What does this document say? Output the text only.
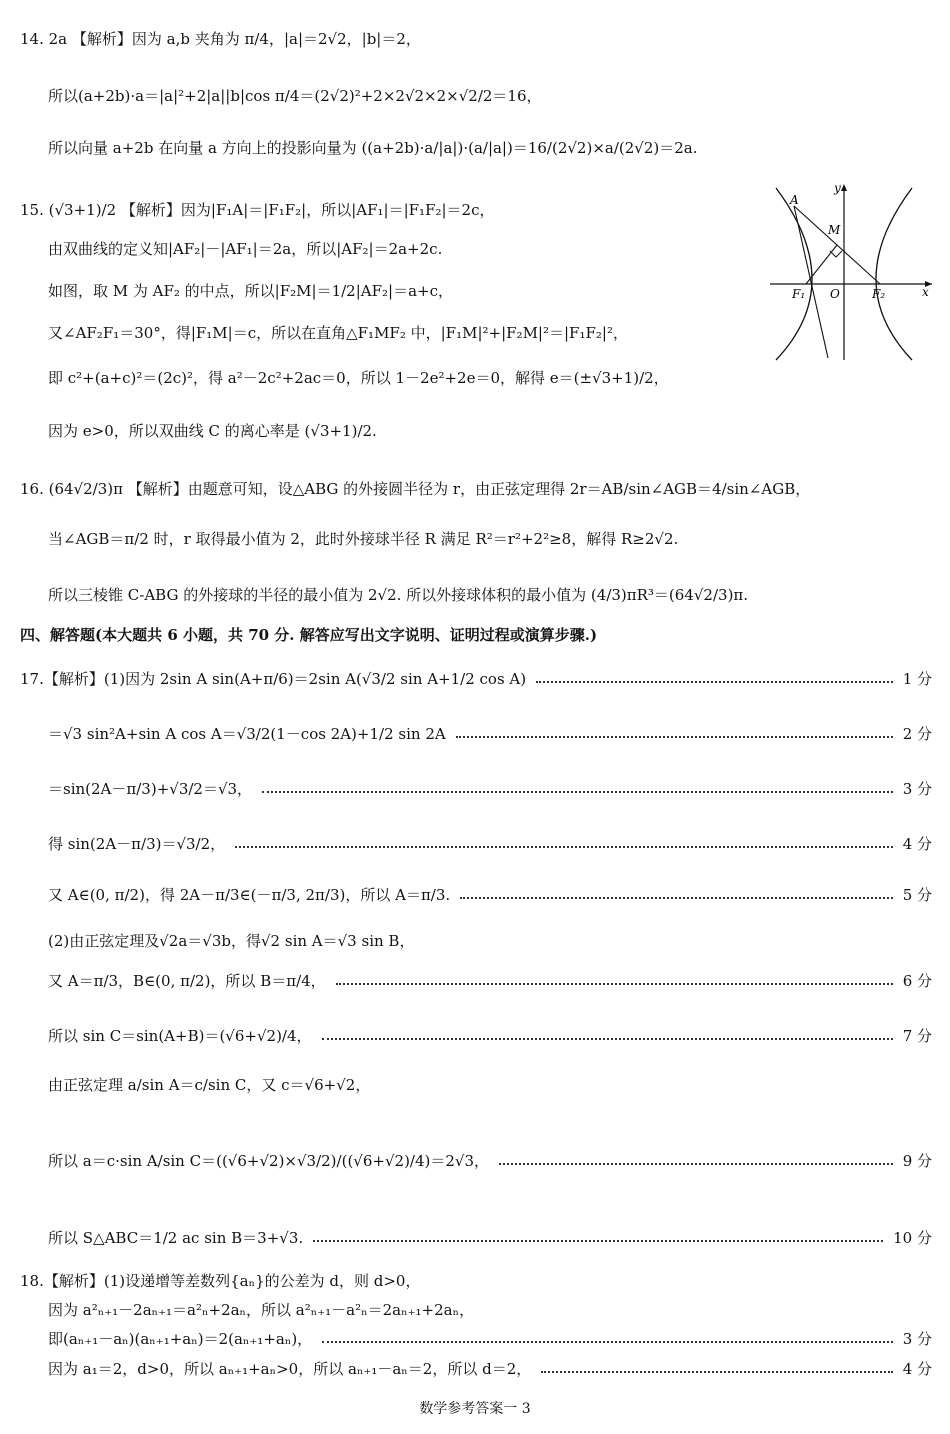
14. 2a 【解析】因为 a,b 夹角为 π/4，|a|＝2√2，|b|＝2，
所以(a+2b)·a＝|a|²+2|a||b|cos π/4＝(2√2)²+2×2√2×2×√2/2＝16，
所以向量 a+2b 在向量 a 方向上的投影向量为 ((a+2b)·a/|a|)·(a/|a|)＝16/(2√2)×a/(2√2)＝2a.
15. (√3+1)/2 【解析】因为|F₁A|＝|F₁F₂|，所以|AF₁|＝|F₁F₂|＝2c，
由双曲线的定义知|AF₂|－|AF₁|＝2a，所以|AF₂|＝2a+2c.
如图，取 M 为 AF₂ 的中点，所以|F₂M|＝1/2|AF₂|＝a+c，
又∠AF₂F₁＝30°，得|F₁M|＝c，所以在直角△F₁MF₂ 中，|F₁M|²+|F₂M|²＝|F₁F₂|²，
即 c²+(a+c)²＝(2c)²，得 a²－2c²+2ac＝0，所以 1－2e²+2e＝0，解得 e＝(±√3+1)/2，
因为 e>0，所以双曲线 C 的离心率是 (√3+1)/2.
A
M
F₁ O	F₂	x
y
16. (64√2/3)π 【解析】由题意可知，设△ABG 的外接圆半径为 r，由正弦定理得 2r＝AB/sin∠AGB＝4/sin∠AGB，
当∠AGB＝π/2 时，r 取得最小值为 2，此时外接球半径 R 满足 R²＝r²+2²≥8，解得 R≥2√2.
所以三棱锥 C-ABG 的外接球的半径的最小值为 2√2. 所以外接球体积的最小值为 (4/3)πR³＝(64√2/3)π.
四、解答题(本大题共 6 小题，共 70 分. 解答应写出文字说明、证明过程或演算步骤.)
17.【解析】(1)因为 2sin A sin(A+π/6)＝2sin A(√3/2 sin A+1/2 cos A)	1 分
＝√3 sin²A+sin A cos A＝√3/2(1－cos 2A)+1/2 sin 2A	2 分
＝sin(2A－π/3)+√3/2＝√3，	3 分
得 sin(2A－π/3)＝√3/2，	4 分
又 A∈(0, π/2)，得 2A－π/3∈(－π/3, 2π/3)，所以 A＝π/3.	5 分
(2)由正弦定理及√2a＝√3b，得√2 sin A＝√3 sin B，
又 A＝π/3，B∈(0, π/2)，所以 B＝π/4，	6 分
所以 sin C＝sin(A+B)＝(√6+√2)/4，	7 分
由正弦定理 a/sin A＝c/sin C，又 c＝√6+√2，
所以 a＝c·sin A/sin C＝((√6+√2)×√3/2)/((√6+√2)/4)＝2√3，	9 分
所以 S△ABC＝1/2 ac sin B＝3+√3.	10 分
18.【解析】(1)设递增等差数列{aₙ}的公差为 d，则 d>0，
因为 a²ₙ₊₁－2aₙ₊₁＝a²ₙ+2aₙ，所以 a²ₙ₊₁－a²ₙ＝2aₙ₊₁+2aₙ，
即(aₙ₊₁－aₙ)(aₙ₊₁+aₙ)＝2(aₙ₊₁+aₙ)，	3 分
因为 a₁＝2，d>0，所以 aₙ₊₁+aₙ>0，所以 aₙ₊₁－aₙ＝2，所以 d＝2，	4 分
数学参考答案一 3
